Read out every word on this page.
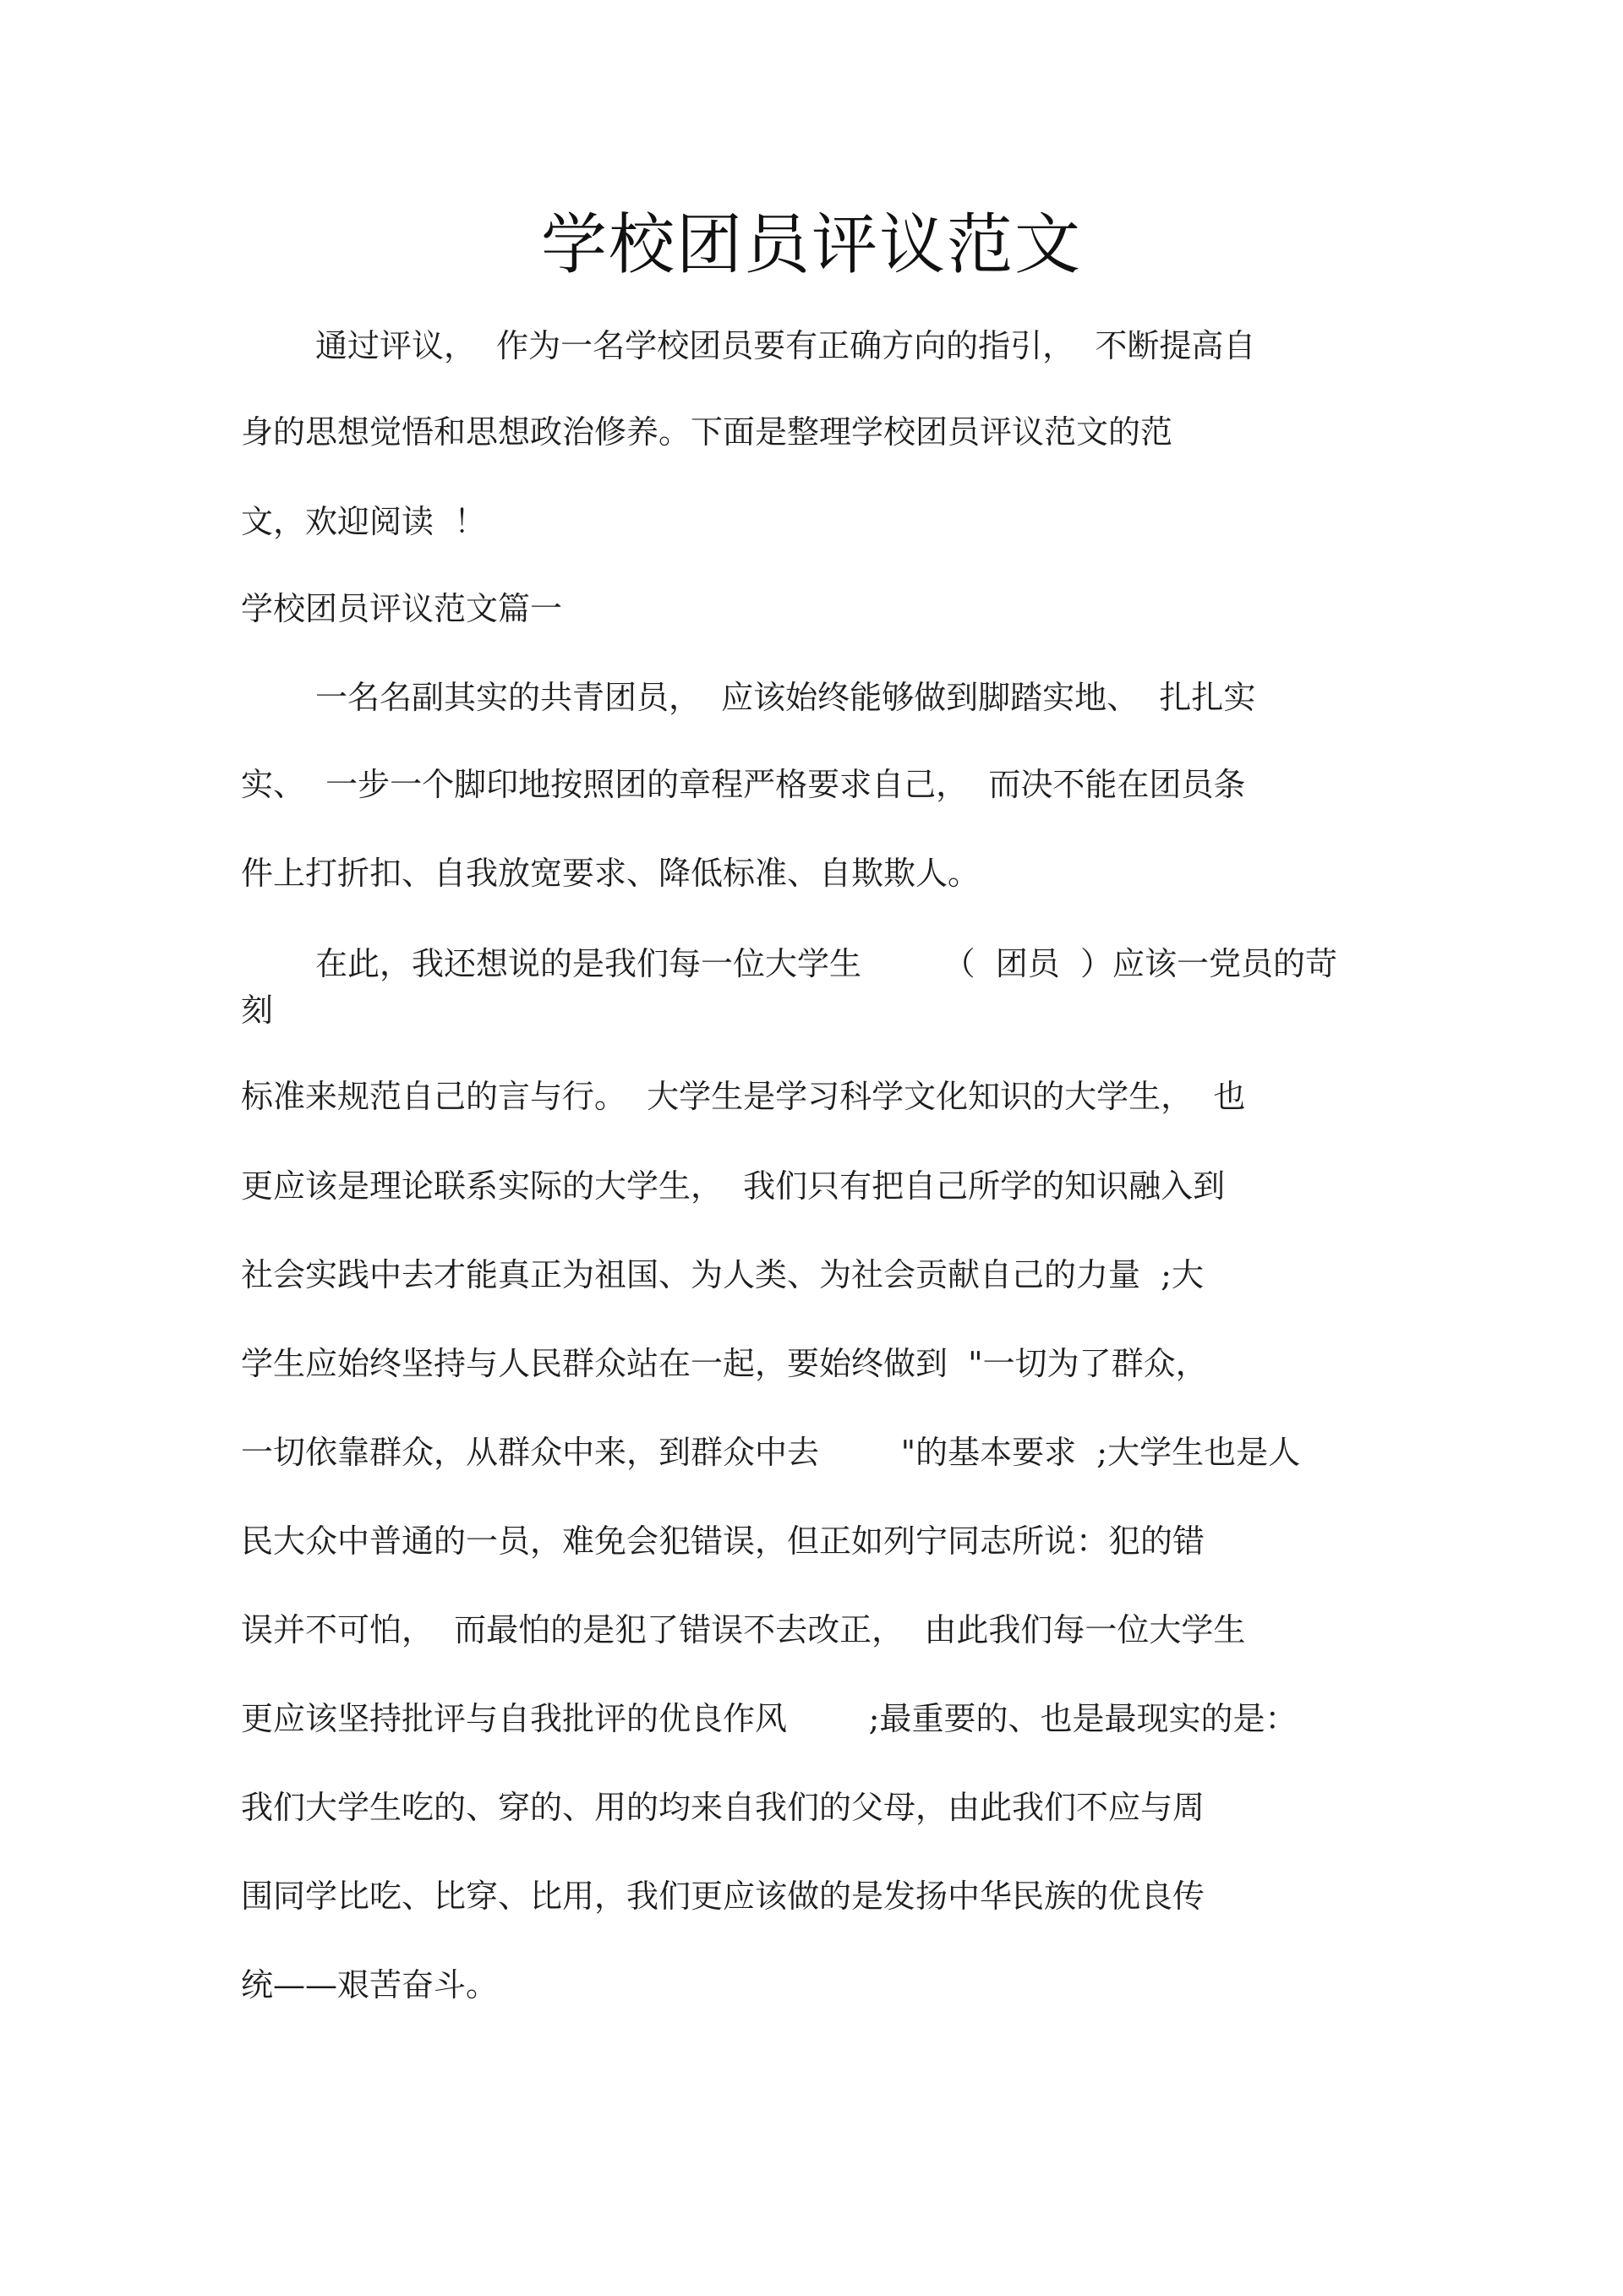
学校团员评议范文
通过评议，  作为一名学校团员要有正确方向的指引，  不断提高自
身的思想觉悟和思想政治修养。下面是整理学校团员评议范文的范
文，欢迎阅读  ！
学校团员评议范文篇一
一名名副其实的共青团员，  应该始终能够做到脚踏实地、  扎扎实
实、  一步一个脚印地按照团的章程严格要求自己，  而决不能在团员条
件上打折扣、自我放宽要求、降低标准、自欺欺人。
在此，我还想说的是我们每一位大学生        （  团员  ）应该一党员的苛
刻
标准来规范自己的言与行。  大学生是学习科学文化知识的大学生，  也
更应该是理论联系实际的大学生，  我们只有把自己所学的知识融入到
社会实践中去才能真正为祖国、为人类、为社会贡献自己的力量  ;大
学生应始终坚持与人民群众站在一起，要始终做到  "一切为了群众，
一切依靠群众，从群众中来，到群众中去        "的基本要求  ;大学生也是人
民大众中普通的一员，难免会犯错误，但正如列宁同志所说：犯的错
误并不可怕，  而最怕的是犯了错误不去改正，  由此我们每一位大学生
更应该坚持批评与自我批评的优良作风        ;最重要的、也是最现实的是：
我们大学生吃的、穿的、用的均来自我们的父母，由此我们不应与周
围同学比吃、比穿、比用，我们更应该做的是发扬中华民族的优良传
统——艰苦奋斗。
